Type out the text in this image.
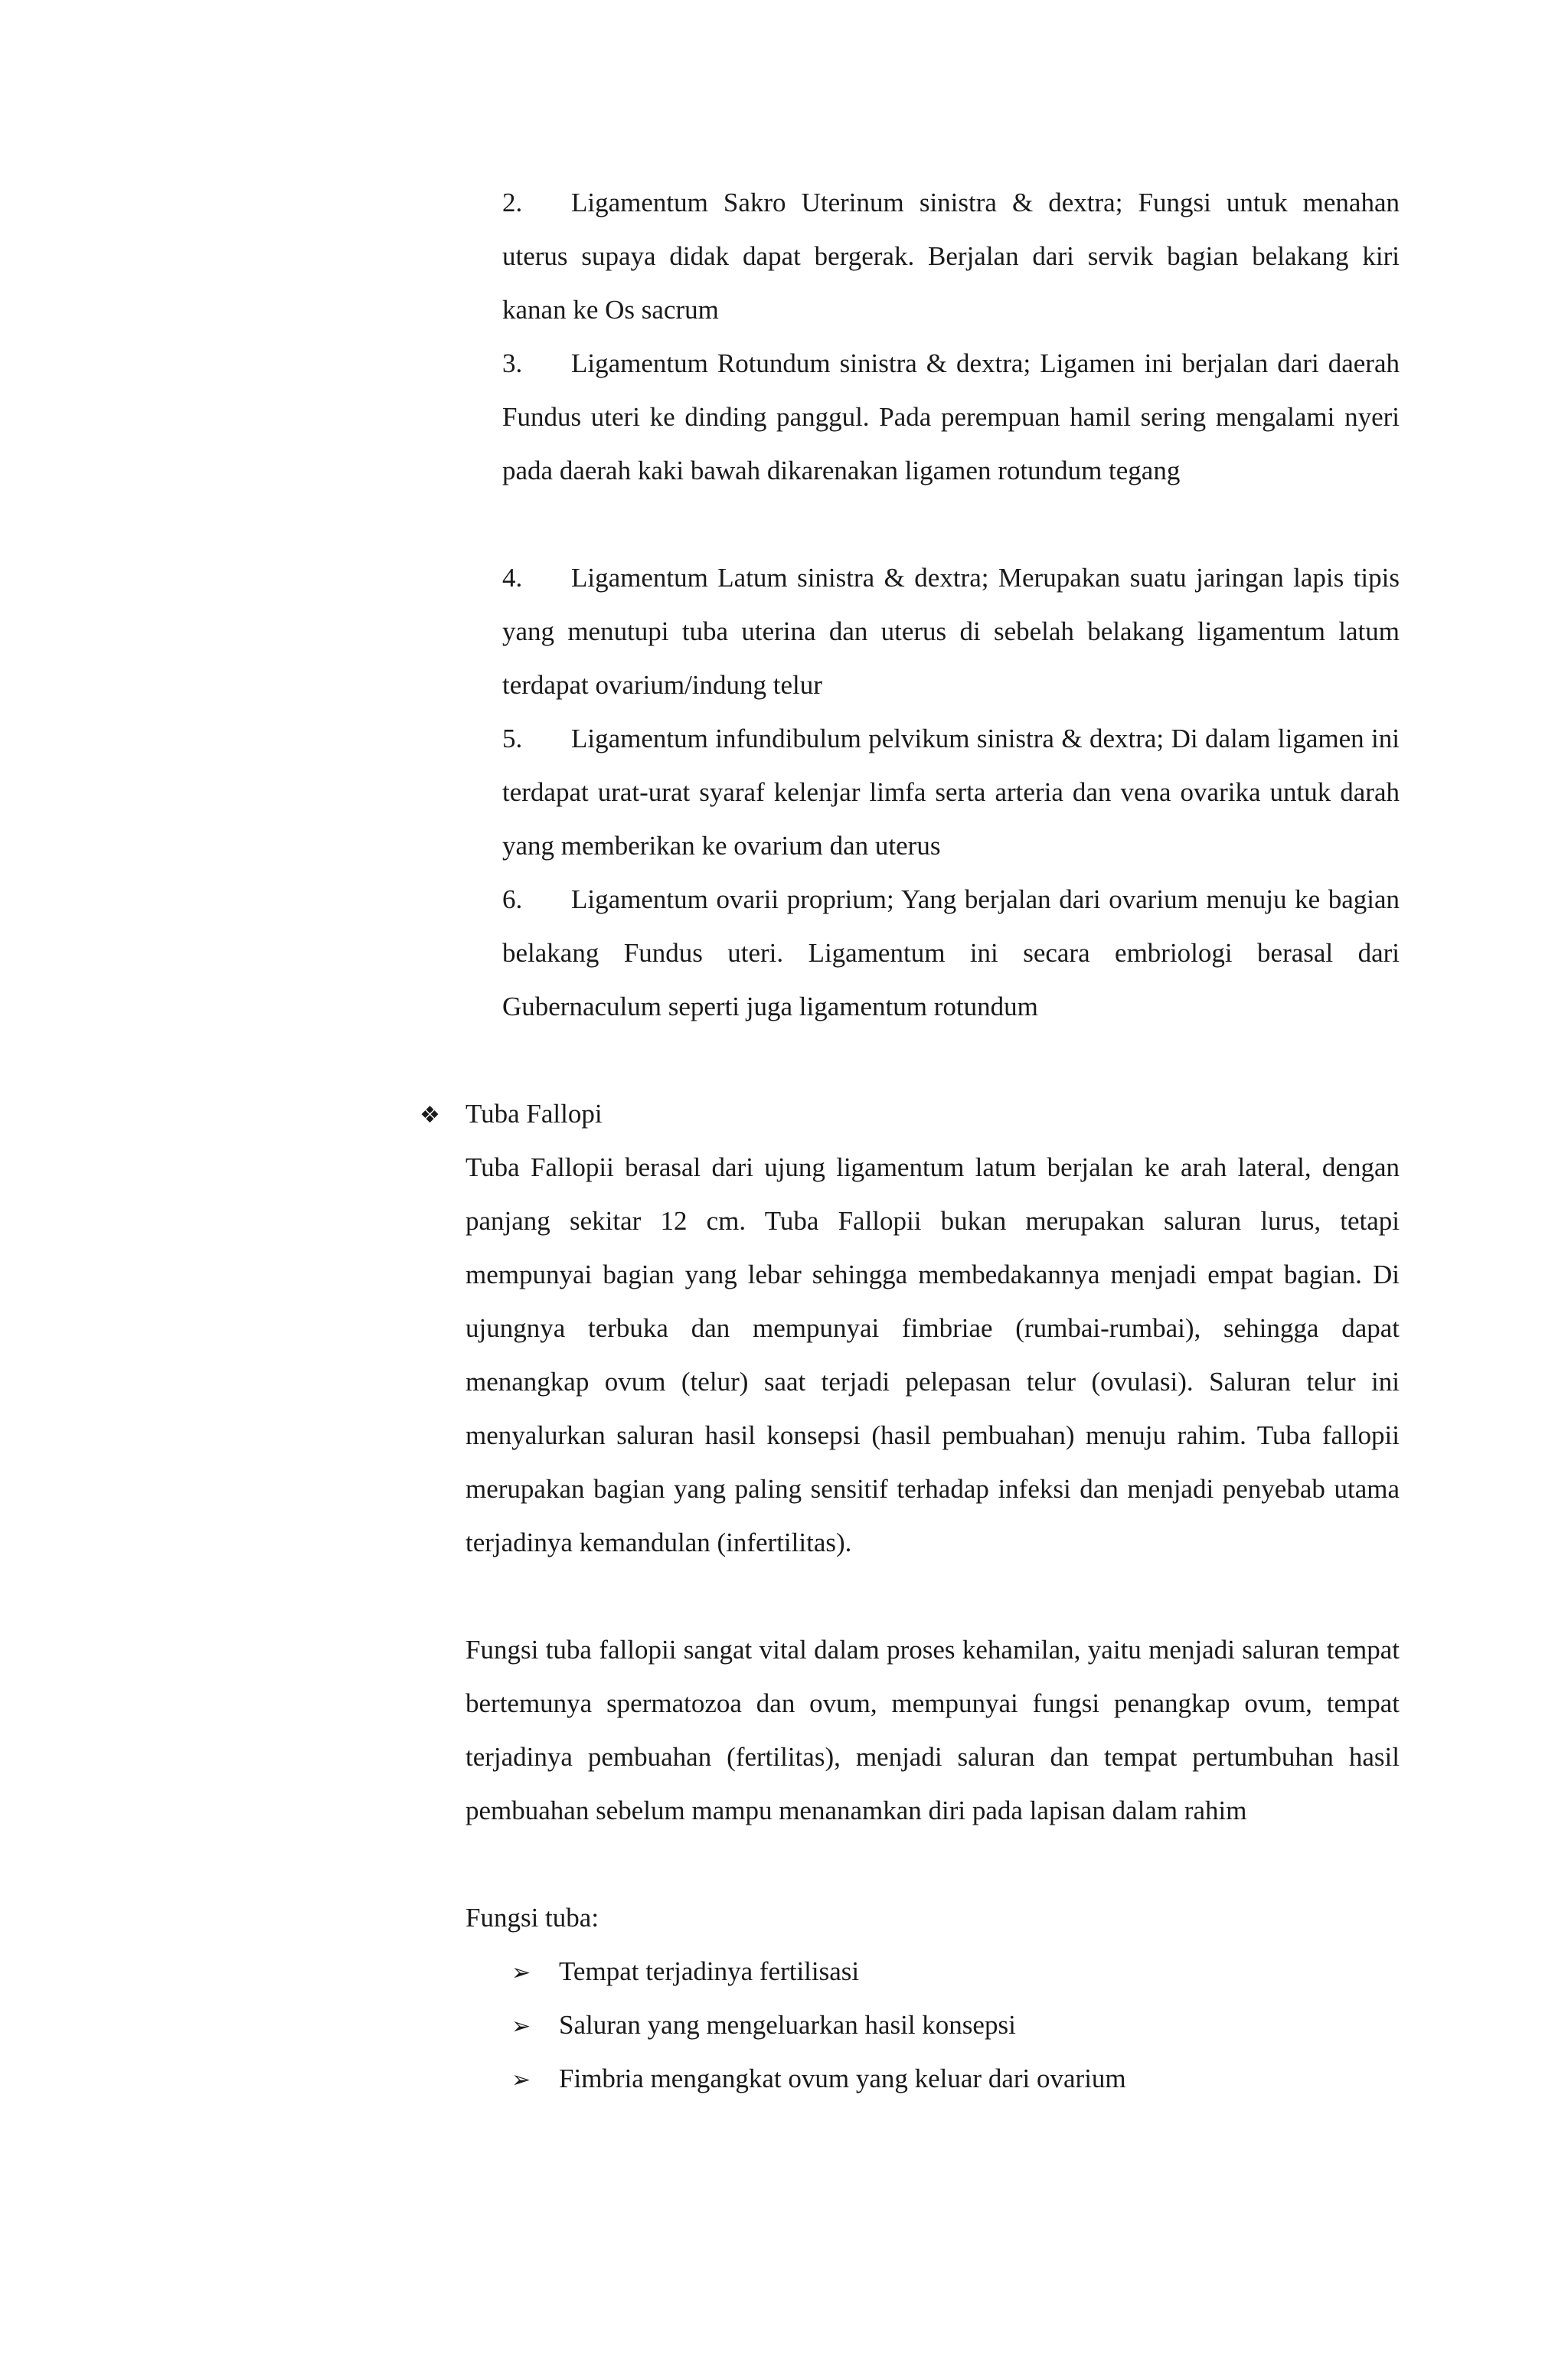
2. Ligamentum Sakro Uterinum sinistra & dextra; Fungsi untuk menahan uterus supaya didak dapat bergerak. Berjalan dari servik bagian belakang kiri kanan ke Os sacrum

3. Ligamentum Rotundum sinistra & dextra; Ligamen ini berjalan dari daerah Fundus uteri ke dinding panggul. Pada perempuan hamil sering mengalami nyeri pada daerah kaki bawah dikarenakan ligamen rotundum tegang

4. Ligamentum Latum sinistra & dextra; Merupakan suatu jaringan lapis tipis yang menutupi tuba uterina dan uterus di sebelah belakang ligamentum latum terdapat ovarium/indung telur

5. Ligamentum infundibulum pelvikum sinistra & dextra; Di dalam ligamen ini terdapat urat-urat syaraf kelenjar limfa serta arteria dan vena ovarika untuk darah yang memberikan ke ovarium dan uterus

6. Ligamentum ovarii proprium; Yang berjalan dari ovarium menuju ke bagian belakang Fundus uteri. Ligamentum ini secara embriologi berasal dari Gubernaculum seperti juga ligamentum rotundum

❖ Tuba Fallopi

Tuba Fallopii berasal dari ujung ligamentum latum berjalan ke arah lateral, dengan panjang sekitar 12 cm. Tuba Fallopii bukan merupakan saluran lurus, tetapi mempunyai bagian yang lebar sehingga membedakannya menjadi empat bagian. Di ujungnya terbuka dan mempunyai fimbriae (rumbai-rumbai), sehingga dapat menangkap ovum (telur) saat terjadi pelepasan telur (ovulasi). Saluran telur ini menyalurkan saluran hasil konsepsi (hasil pembuahan) menuju rahim. Tuba fallopii merupakan bagian yang paling sensitif terhadap infeksi dan menjadi penyebab utama terjadinya kemandulan (infertilitas).

Fungsi tuba fallopii sangat vital dalam proses kehamilan, yaitu menjadi saluran tempat bertemunya spermatozoa dan ovum, mempunyai fungsi penangkap ovum, tempat terjadinya pembuahan (fertilitas), menjadi saluran dan tempat pertumbuhan hasil pembuahan sebelum mampu menanamkan diri pada lapisan dalam rahim

Fungsi tuba:

➢ Tempat terjadinya fertilisasi
➢ Saluran yang mengeluarkan hasil konsepsi
➢ Fimbria mengangkat ovum yang keluar dari ovarium
